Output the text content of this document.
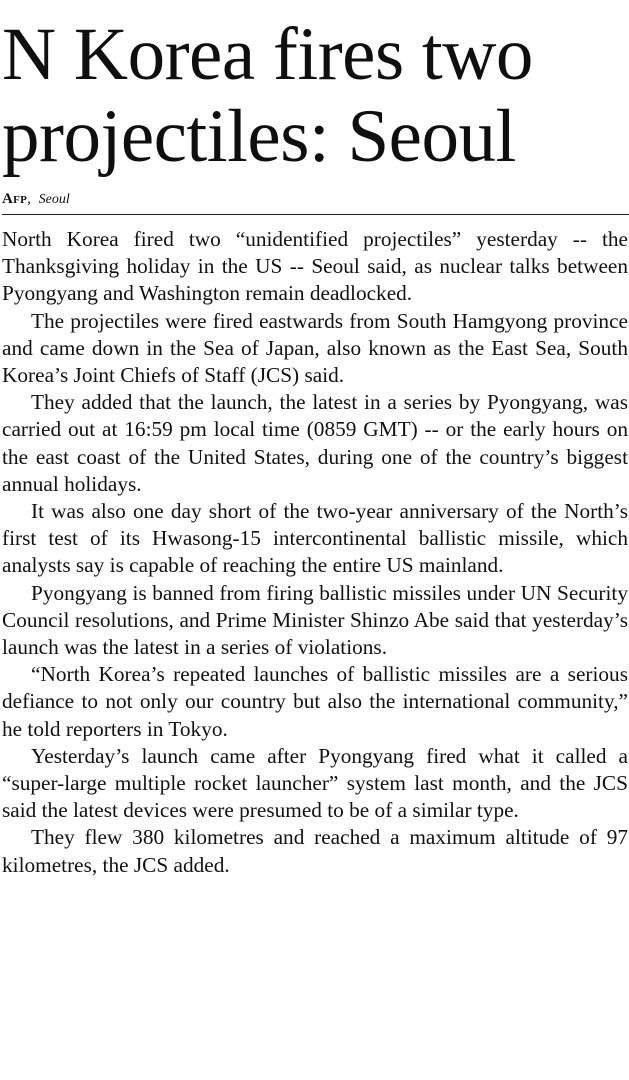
N Korea fires two
projectiles: Seoul
Afp, Seoul

North Korea fired two “unidentified projectiles” yesterday -- the Thanksgiving holiday in the US -- Seoul said, as nuclear talks between Pyongyang and Washington remain deadlocked.

The projectiles were fired eastwards from South Hamgyong province and came down in the Sea of Japan, also known as the East Sea, South Korea’s Joint Chiefs of Staff (JCS) said.

They added that the launch, the latest in a series by Pyongyang, was carried out at 16:59 pm local time (0859 GMT) -- or the early hours on the east coast of the United States, during one of the country’s biggest annual holidays.

It was also one day short of the two-year anniversary of the North’s first test of its Hwasong-15 intercontinental ballistic missile, which analysts say is capable of reaching the entire US mainland.

Pyongyang is banned from firing ballistic missiles under UN Security Council resolutions, and Prime Minister Shinzo Abe said that yesterday’s launch was the latest in a series of violations.

“North Korea’s repeated launches of ballistic missiles are a serious defiance to not only our country but also the international community,” he told reporters in Tokyo.

Yesterday’s launch came after Pyongyang fired what it called a “super-large multiple rocket launcher” system last month, and the JCS said the latest devices were presumed to be of a similar type.

They flew 380 kilometres and reached a maximum altitude of 97 kilometres, the JCS added.
